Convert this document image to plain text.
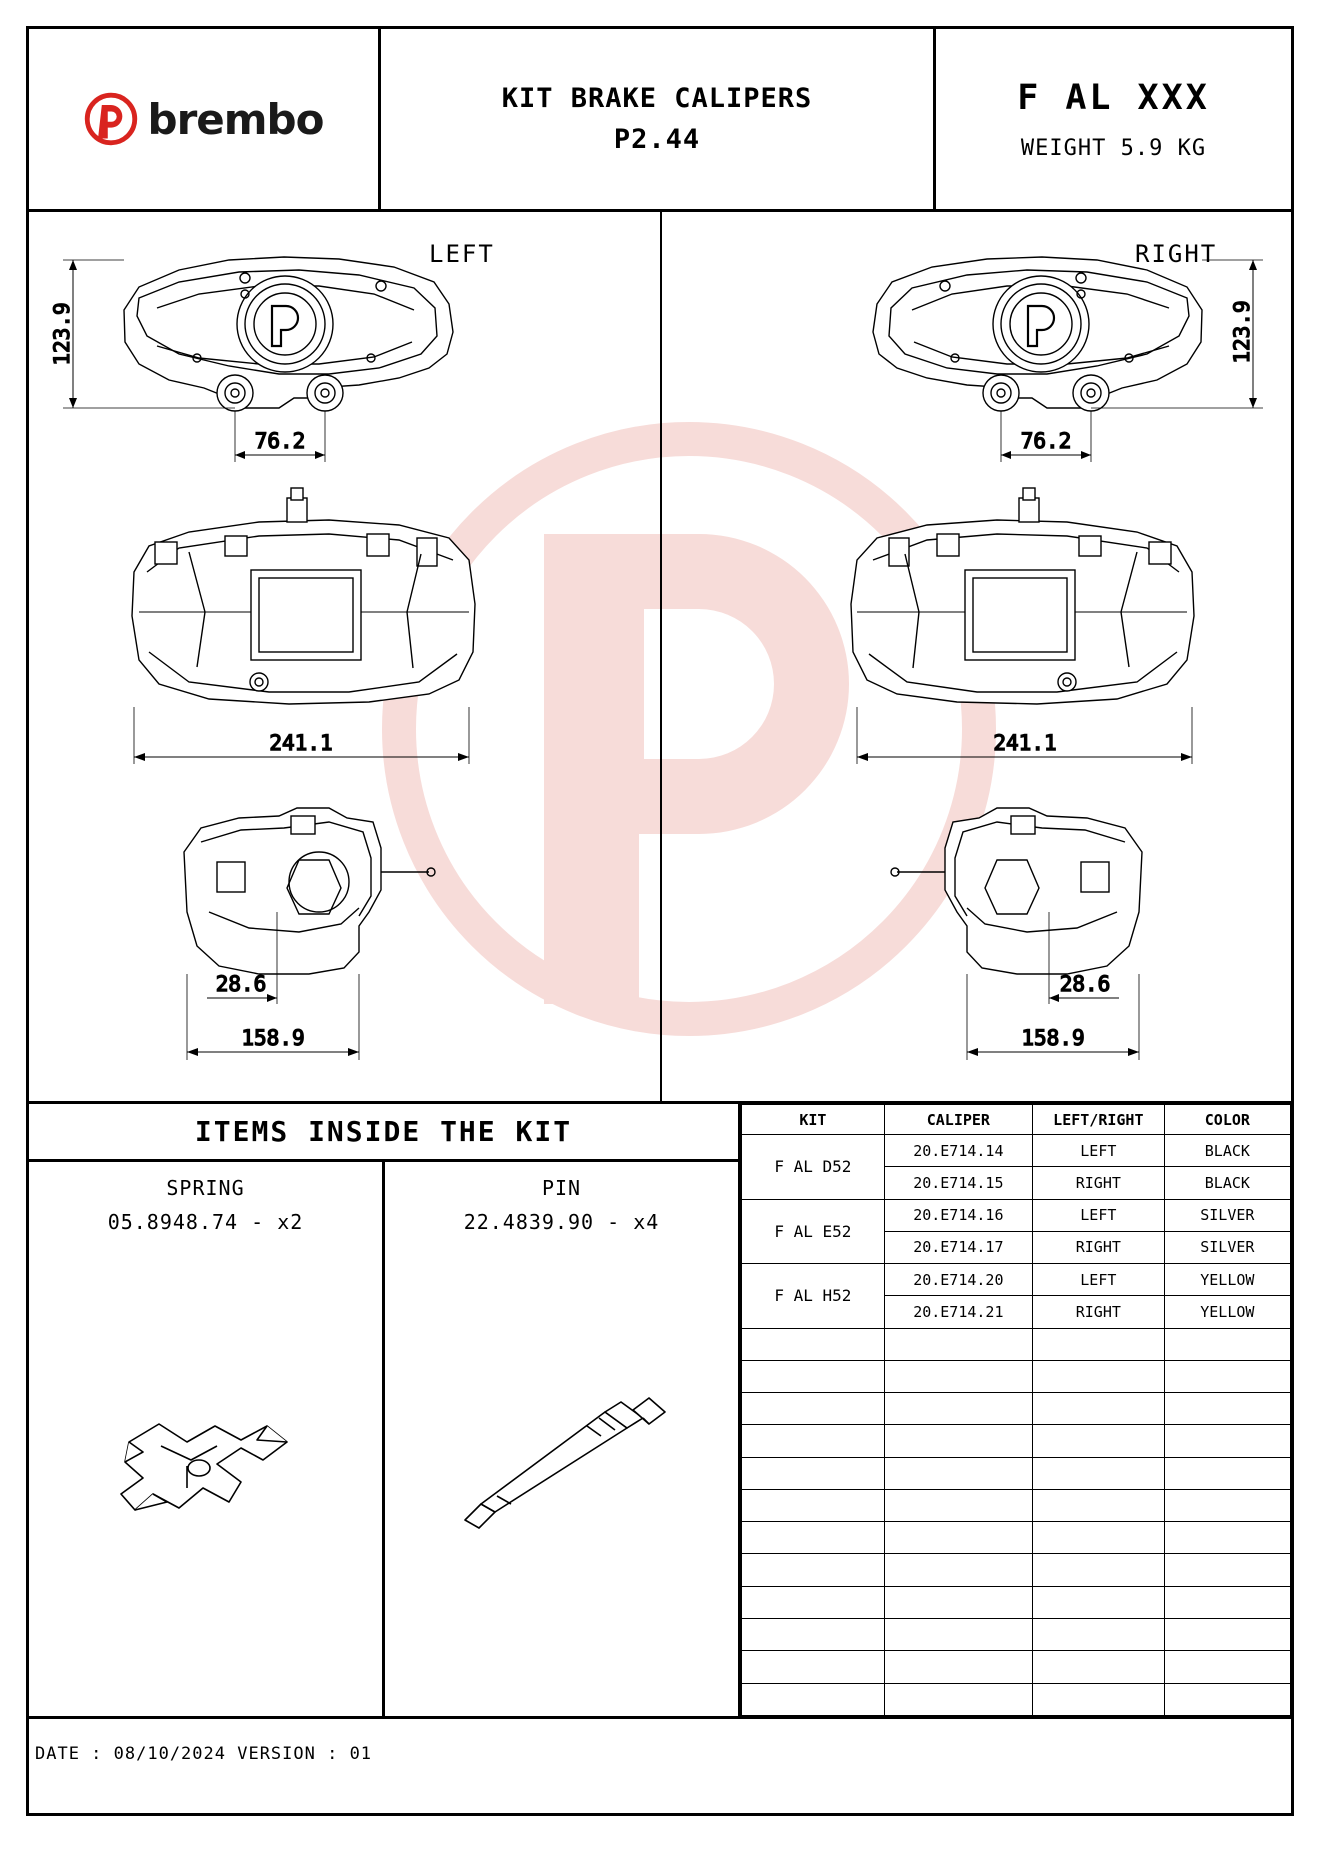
brembo	KIT BRAKE CALIPERS
P2.44
F AL XXX
WEIGHT 5.9 KG
123.9
76.2
241.1
28.6
158.9
LEFT
123.9
76.2
241.1
28.6
158.9
RIGHT
ITEMS INSIDE THE KIT
SPRING
05.8948.74 - x2
PIN
22.4839.90 - x4
KIT	CALIPER	LEFT/RIGHT	COLOR
F AL D52	20.E714.14	LEFT	BLACK
	20.E714.15	RIGHT	BLACK
F AL E52	20.E714.16	LEFT	SILVER
	20.E714.17	RIGHT	SILVER
F AL H52	20.E714.20	LEFT	YELLOW
	20.E714.21	RIGHT	YELLOW

DATE : 08/10/2024 VERSION : 01
